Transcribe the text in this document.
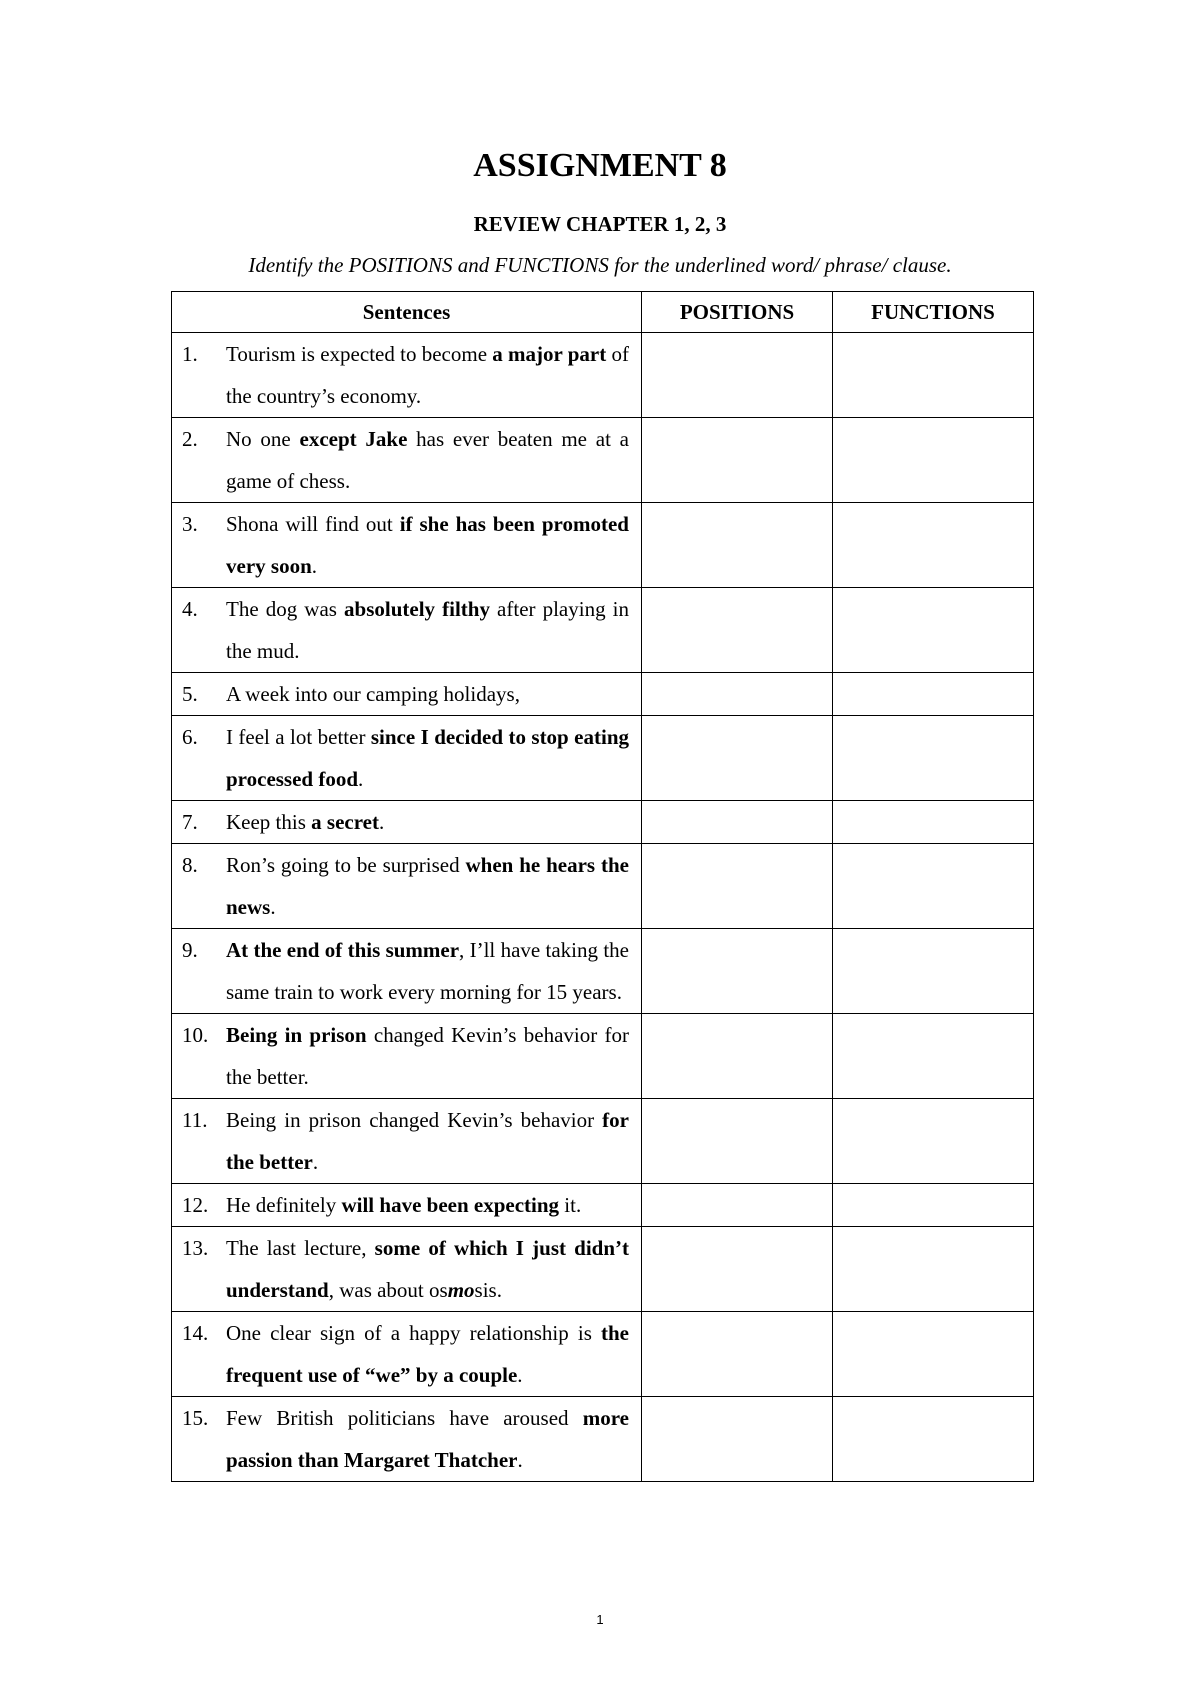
ASSIGNMENT 8
REVIEW CHAPTER 1, 2, 3
Identify the POSITIONS and FUNCTIONS for the underlined word/ phrase/ clause.
Sentences	POSITIONS	FUNCTIONS

1. Tourism is expected to become a major part of the country’s economy.		

2. No one except Jake has ever beaten me at a game of chess.		

3. Shona will find out if she has been promoted very soon.		

4. The dog was absolutely filthy after playing in the mud.		

5. A week into our camping holidays,		

6. I feel a lot better since I decided to stop eating processed food.		

7. Keep this a secret.		

8. Ron’s going to be surprised when he hears the news.		

9. At the end of this summer, I’ll have taking the same train to work every morning for 15 years.		

10. Being in prison changed Kevin’s behavior for the better.		

11. Being in prison changed Kevin’s behavior for the better.		

12. He definitely will have been expecting it.		

13. The last lecture, some of which I just didn’t understand, was about osmosis.		

14. One clear sign of a happy relationship is the frequent use of “we” by a couple.		

15. Few British politicians have aroused more passion than Margaret Thatcher.		

1
